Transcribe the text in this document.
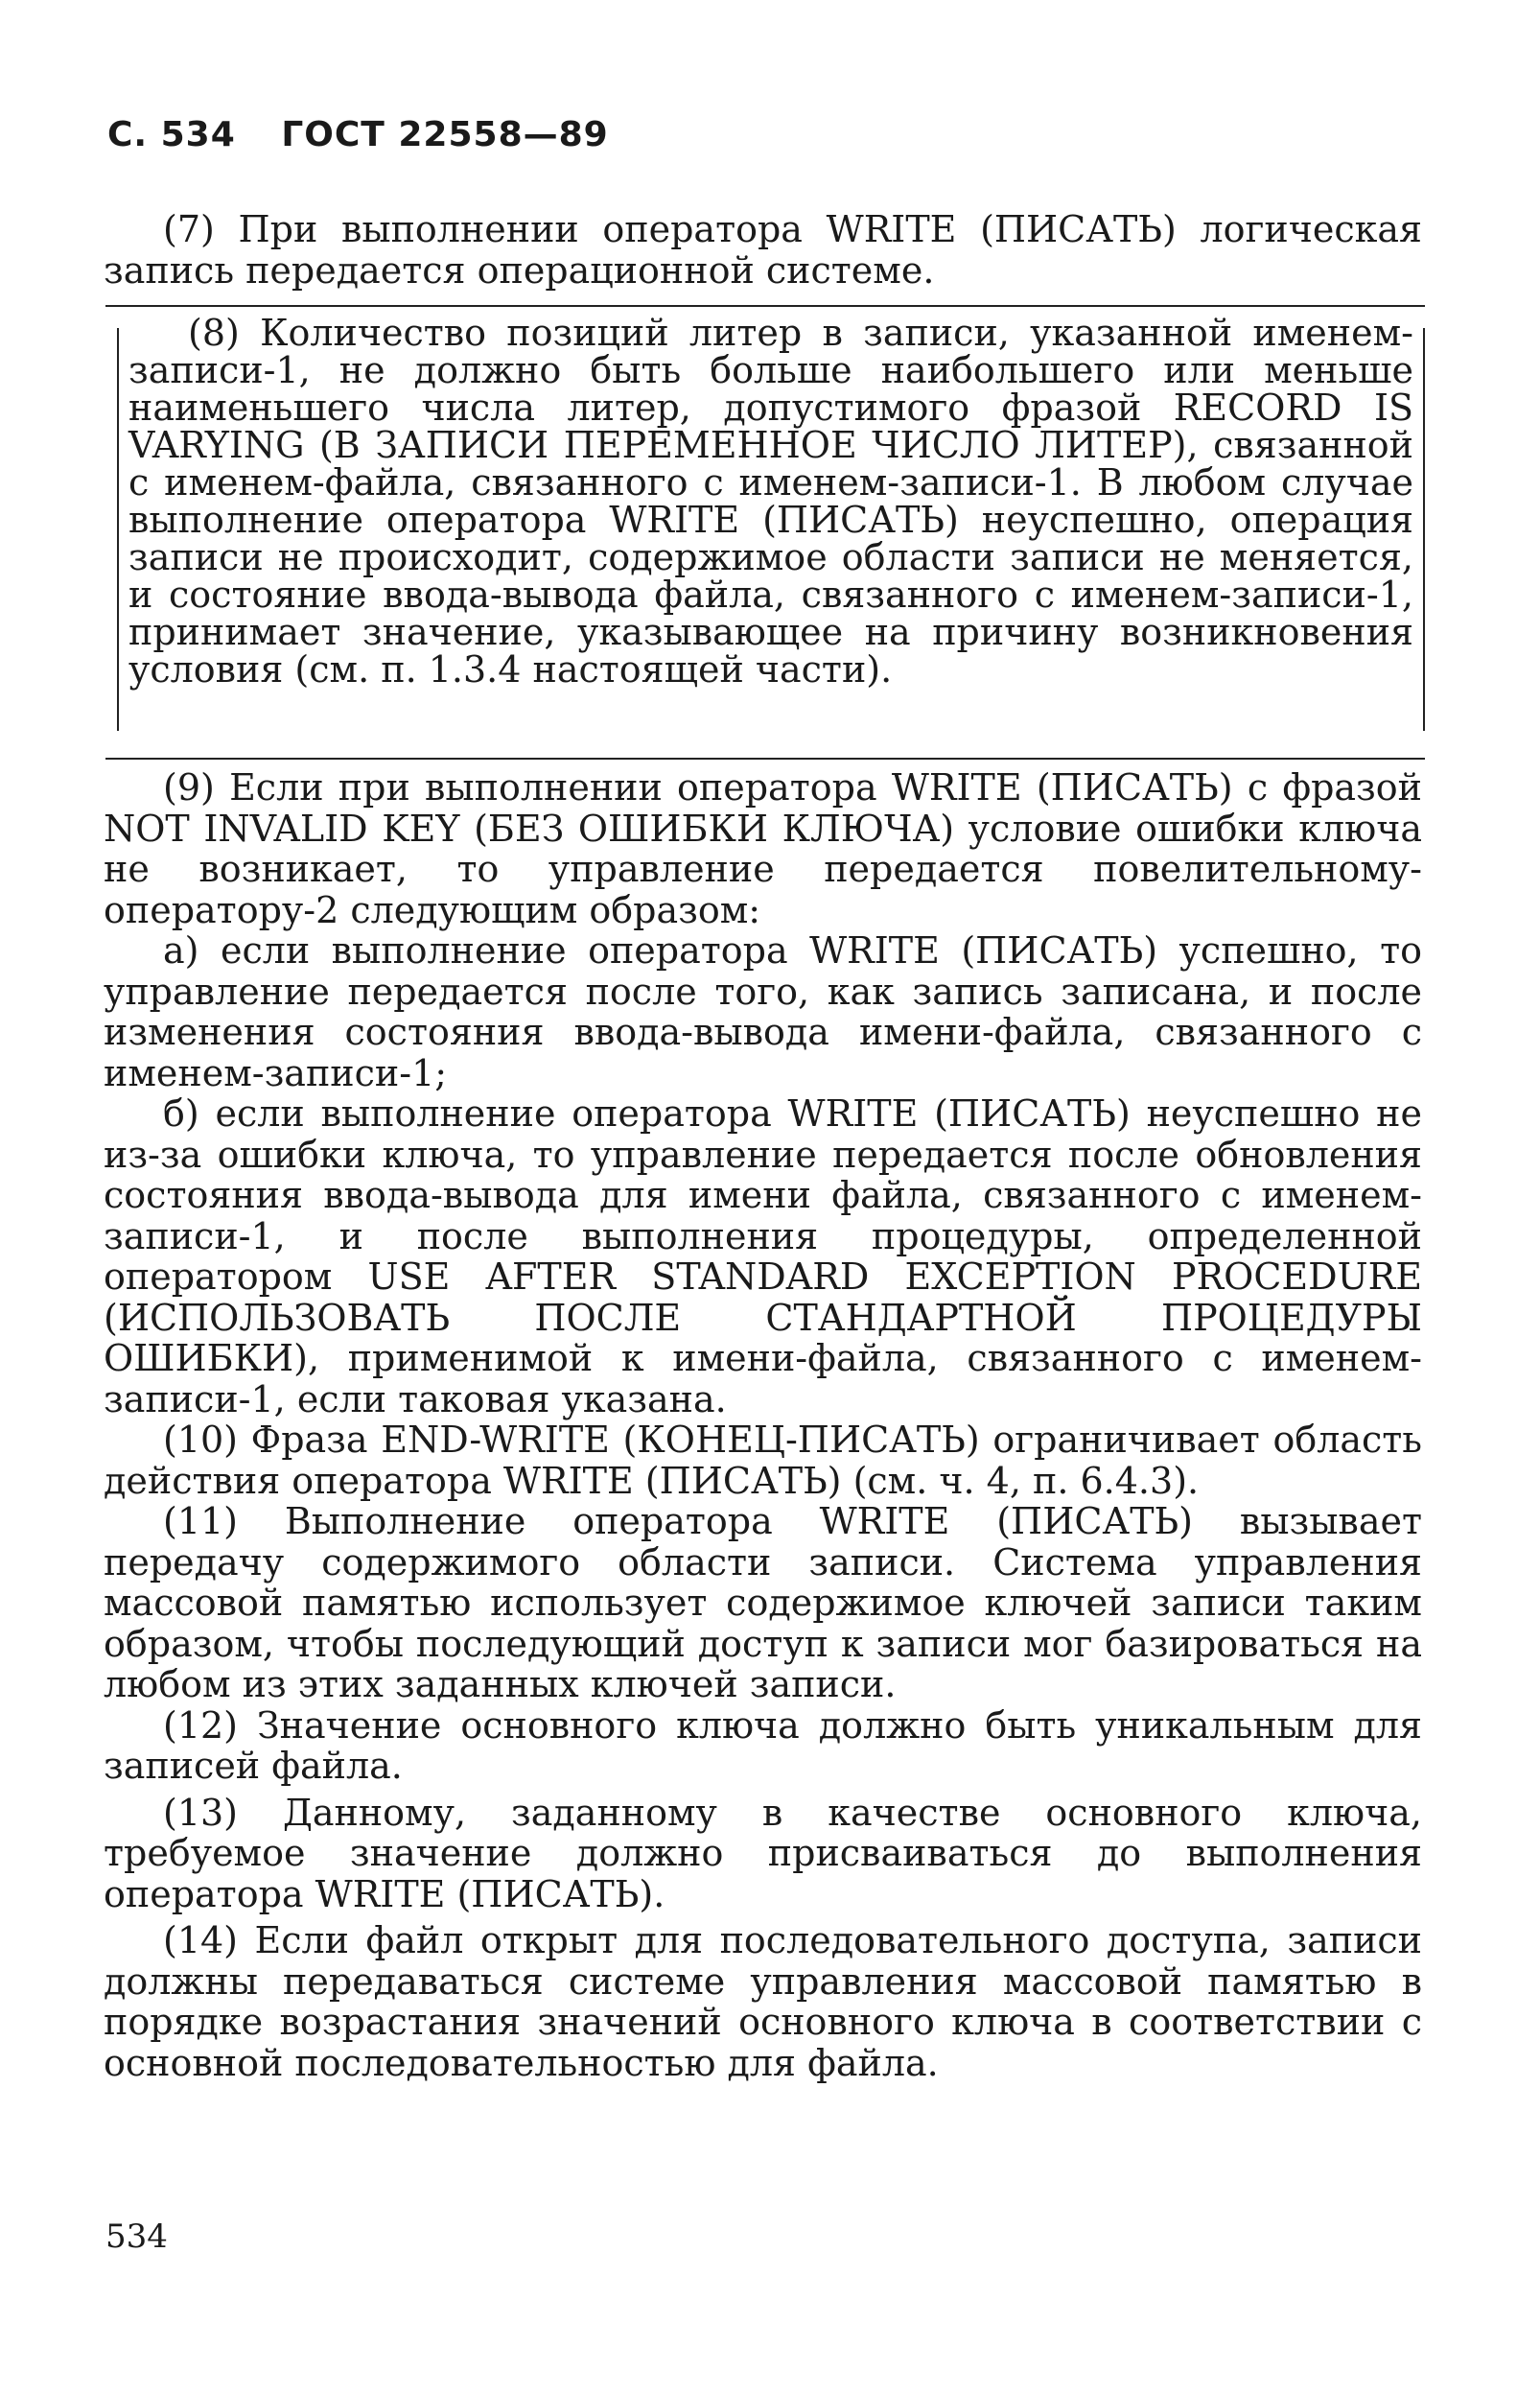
С. 534 ГОСТ 22558—89

(7) При выполнении оператора WRITE (ПИСАТЬ) логическая запись передается операционной системе.

(8) Количество позиций литер в записи, указанной именем-записи-1, не должно быть больше наибольшего или меньше наименьшего числа литер, допустимого фразой RECORD IS VARYING (В ЗАПИСИ ПЕРЕМЕННОЕ ЧИСЛО ЛИТЕР), связанной с именем-файла, связанного с именем-записи-1. В любом случае выполнение оператора WRITE (ПИСАТЬ) неуспешно, операция записи не происходит, содержимое области записи не меняется, и состояние ввода-вывода файла, связанного с именем-записи-1, принимает значение, указывающее на причину возникновения условия (см. п. 1.3.4 настоящей части).

(9) Если при выполнении оператора WRITE (ПИСАТЬ) с фразой NOT INVALID KEY (БЕЗ ОШИБКИ КЛЮЧА) условие ошибки ключа не возникает, то управление передается повелительному-оператору-2 следующим образом:

а) если выполнение оператора WRITE (ПИСАТЬ) успешно, то управление передается после того, как запись записана, и после изменения состояния ввода-вывода имени-файла, связанного с именем-записи-1;

б) если выполнение оператора WRITE (ПИСАТЬ) неуспешно не из-за ошибки ключа, то управление передается после обновления состояния ввода-вывода для имени файла, связанного с именем-записи-1, и после выполнения процедуры, определенной оператором USE AFTER STANDARD EXCEPTION PROCEDURE (ИСПОЛЬЗОВАТЬ ПОСЛЕ СТАНДАРТНОЙ ПРОЦЕДУРЫ ОШИБКИ), применимой к имени-файла, связанного с именем-записи-1, если таковая указана.

(10) Фраза END-WRITE (КОНЕЦ-ПИСАТЬ) ограничивает область действия оператора WRITE (ПИСАТЬ) (см. ч. 4, п. 6.4.3).

(11) Выполнение оператора WRITE (ПИСАТЬ) вызывает передачу содержимого области записи. Система управления массовой памятью использует содержимое ключей записи таким образом, чтобы последующий доступ к записи мог базироваться на любом из этих заданных ключей записи.

(12) Значение основного ключа должно быть уникальным для записей файла.

(13) Данному, заданному в качестве основного ключа, требуемое значение должно присваиваться до выполнения оператора WRITE (ПИСАТЬ).

(14) Если файл открыт для последовательного доступа, записи должны передаваться системе управления массовой памятью в порядке возрастания значений основного ключа в соответствии с основной последовательностью для файла.

534
